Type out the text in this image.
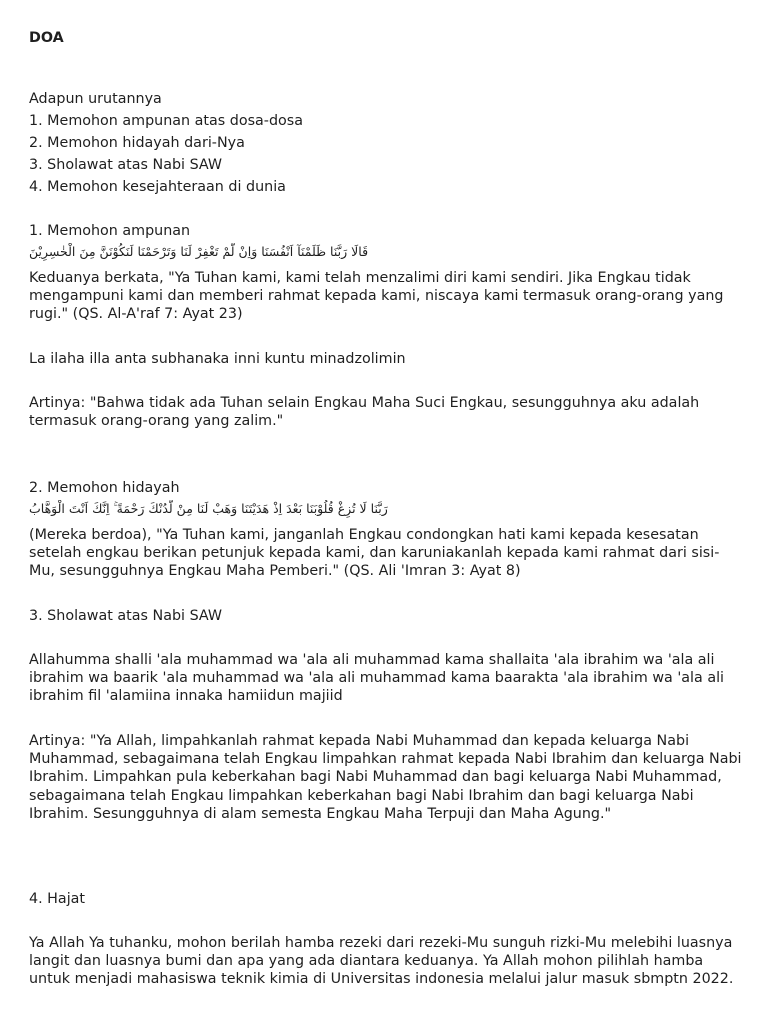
DOA
Adapun urutannya
1. Memohon ampunan atas dosa-dosa
2. Memohon hidayah dari-Nya
3. Sholawat atas Nabi SAW
4. Memohon kesejahteraan di dunia
1. Memohon ampunan
قَالَا رَبَّنَا ظَلَمْنَآ اَنْفُسَنَا وَاِنْ لَّمْ تَغْفِرْ لَنَا وَتَرْحَمْنَا لَنَكُوْنَنَّ مِنَ الْخٰسِرِيْنَ
Keduanya berkata, "Ya Tuhan kami, kami telah menzalimi diri kami sendiri. Jika Engkau tidak mengampuni kami dan memberi rahmat kepada kami, niscaya kami termasuk orang-orang yang rugi." (QS. Al-A'raf 7: Ayat 23)
La ilaha illa anta subhanaka inni kuntu minadzolimin
Artinya: "Bahwa tidak ada Tuhan selain Engkau Maha Suci Engkau, sesungguhnya aku adalah termasuk orang-orang yang zalim."
2. Memohon hidayah
رَبَّنَا لَا تُزِغْ قُلُوْبَنَا بَعْدَ اِذْ هَدَيْتَنَا وَهَبْ لَنَا مِنْ لَّدُنْكَ رَحْمَةً ۚ اِنَّكَ اَنْتَ الْوَهَّابُ
(Mereka berdoa), "Ya Tuhan kami, janganlah Engkau condongkan hati kami kepada kesesatan setelah engkau berikan petunjuk kepada kami, dan karuniakanlah kepada kami rahmat dari sisi-Mu, sesungguhnya Engkau Maha Pemberi." (QS. Ali 'Imran 3: Ayat 8)
3. Sholawat atas Nabi SAW
Allahumma shalli 'ala muhammad wa 'ala ali muhammad kama shallaita 'ala ibrahim wa 'ala ali ibrahim wa baarik 'ala muhammad wa 'ala ali muhammad kama baarakta 'ala ibrahim wa 'ala ali ibrahim fil 'alamiina innaka hamiidun majiid
Artinya: "Ya Allah, limpahkanlah rahmat kepada Nabi Muhammad dan kepada keluarga Nabi Muhammad, sebagaimana telah Engkau limpahkan rahmat kepada Nabi Ibrahim dan keluarga Nabi Ibrahim. Limpahkan pula keberkahan bagi Nabi Muhammad dan bagi keluarga Nabi Muhammad, sebagaimana telah Engkau limpahkan keberkahan bagi Nabi Ibrahim dan bagi keluarga Nabi Ibrahim. Sesungguhnya di alam semesta Engkau Maha Terpuji dan Maha Agung."
4. Hajat
Ya Allah Ya tuhanku, mohon berilah hamba rezeki dari rezeki-Mu sunguh rizki-Mu melebihi luasnya langit dan luasnya bumi dan apa yang ada diantara keduanya. Ya Allah mohon pilihlah hamba untuk menjadi mahasiswa teknik kimia di Universitas indonesia melalui jalur masuk sbmptn 2022.
